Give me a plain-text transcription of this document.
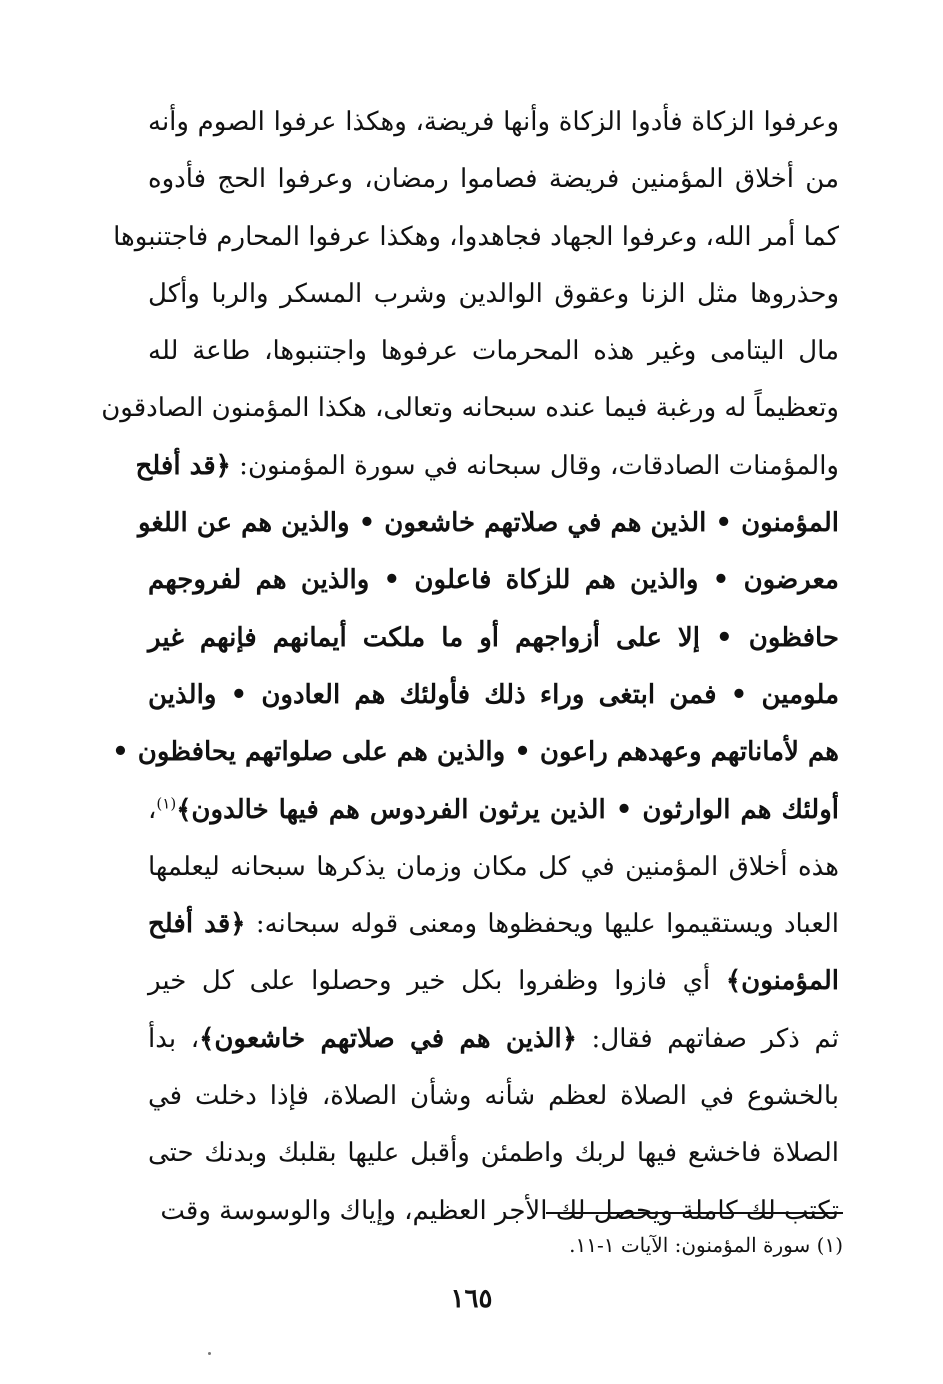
وعرفوا الزكاة فأدوا الزكاة وأنها فريضة، وهكذا عرفوا الصوم وأنه
من أخلاق المؤمنين فريضة فصاموا رمضان، وعرفوا الحج فأدوه
كما أمر الله، وعرفوا الجهاد فجاهدوا، وهكذا عرفوا المحارم فاجتنبوها
وحذروها مثل الزنا وعقوق الوالدين وشرب المسكر والربا وأكل
مال اليتامى وغير هذه المحرمات عرفوها واجتنبوها، طاعة لله
وتعظيماً له ورغبة فيما عنده سبحانه وتعالى، هكذا المؤمنون الصادقون
والمؤمنات الصادقات، وقال سبحانه في سورة المؤمنون: ﴿قد أفلح
المؤمنون • الذين هم في صلاتهم خاشعون • والذين هم عن اللغو
معرضون • والذين هم للزكاة فاعلون • والذين هم لفروجهم
حافظون • إلا على أزواجهم أو ما ملكت أيمانهم فإنهم غير
ملومين • فمن ابتغى وراء ذلك فأولئك هم العادون • والذين
هم لأماناتهم وعهدهم راعون • والذين هم على صلواتهم يحافظون •
أولئك هم الوارثون • الذين يرثون الفردوس هم فيها خالدون﴾$^{(١)}$،
هذه أخلاق المؤمنين في كل مكان وزمان يذكرها سبحانه ليعلمها
العباد ويستقيموا عليها ويحفظوها ومعنى قوله سبحانه: ﴿قد أفلح
المؤمنون﴾ أي فازوا وظفروا بكل خير وحصلوا على كل خير
ثم ذكر صفاتهم فقال: ﴿الذين هم في صلاتهم خاشعون﴾، بدأ
بالخشوع في الصلاة لعظم شأنه وشأن الصلاة، فإذا دخلت في
الصلاة فاخشع فيها لربك واطمئن وأقبل عليها بقلبك وبدنك حتى
تكتب لك كاملة ويحصل لك الأجر العظيم، وإياك والوسوسة وقت
(١) سورة المؤمنون: الآيات ١-١١.
١٦٥
